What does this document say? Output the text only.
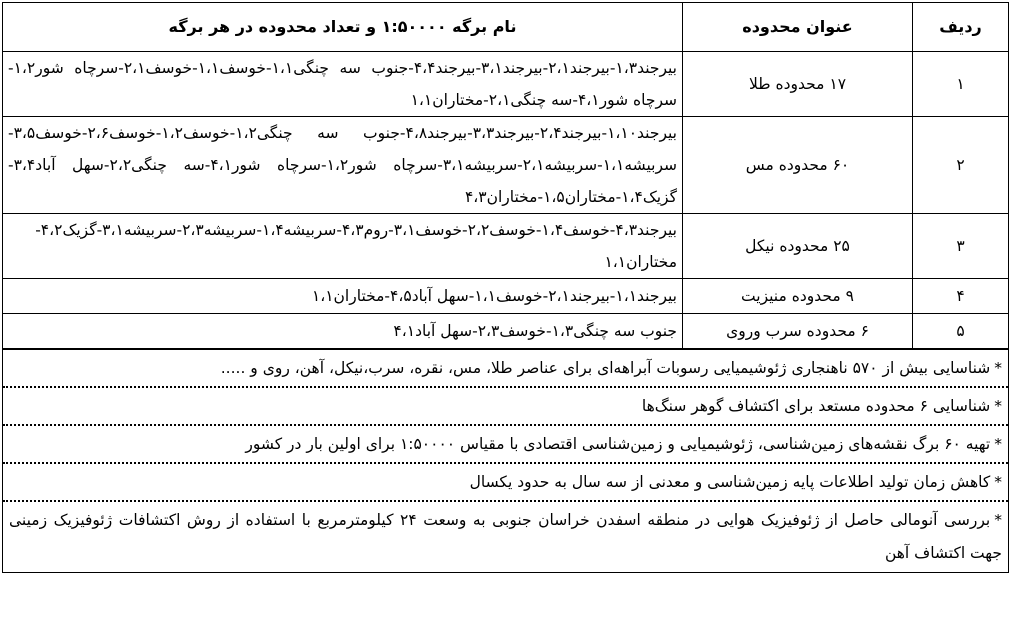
ردیف	عنوان محدوده	نام برگه ۱:۵۰۰۰۰ و تعداد محدوده در هر برگه
۱	۱۷ محدوده طلا	بیرجند۱،۳-بیرجند۲،۱-بیرجند۳،۱-بیرجند۴،۴-جنوب سه چنگی۱،۱-خوسف۱،۱-خوسف۲،۱-سرچاه شور۱،۲-سرچاه شور۴،۱-سه چنگی۲،۱-مختاران۱،۱
۲	۶۰ محدوده مس	بیرجند۱،۱۰-بیرجند۲،۴-بیرجند۳،۳-بیرجند۴،۸-جنوب سه چنگی۱،۲-خوسف۱،۲-خوسف۲،۶-خوسف۳،۵-سربیشه۱،۱-سربیشه۲،۱-سربیشه۳،۱-سرچاه شور۱،۲-سرچاه شور۴،۱-سه چنگی۲،۲-سهل آباد۳،۴-گزیک۱،۴-مختاران۱،۵-مختاران۴،۳
۳	۲۵ محدوده نیکل	بیرجند۴،۳-خوسف۱،۴-خوسف۲،۲-خوسف۳،۱-روم۴،۳-سربیشه۱،۴-سربیشه۲،۳-سربیشه۳،۱-گزیک۴،۲-مختاران۱،۱
۴	۹ محدوده منیزیت	بیرجند۱،۱-بیرجند۲،۱-خوسف۱،۱-سهل آباد۴،۵-مختاران۱،۱
۵	۶ محدوده سرب وروی	جنوب سه چنگی۱،۳-خوسف۲،۳-سهل آباد۴،۱
*شناسایی بیش از ۵۷۰ ناهنجاری ژئوشیمیایی رسوبات آبراهه‌ای برای عناصر طلا، مس، نقره، سرب،نیکل، آهن، روی و .....
*شناسایی ۶ محدوده مستعد برای اکتشاف گوهر سنگ‌ها
*تهیه ۶۰ برگ نقشه‌های زمین‌شناسی، ژئوشیمیایی و زمین‌شناسی اقتصادی با مقیاس ۱:۵۰۰۰۰ برای اولین بار در کشور
*کاهش زمان تولید اطلاعات پایه زمین‌شناسی و معدنی از سه سال به حدود یکسال
*بررسی آنومالی حاصل از ژئوفیزیک هوایی در منطقه اسفدن خراسان جنوبی به وسعت ۲۴ کیلومترمربع با استفاده از روش اکتشافات ژئوفیزیک زمینی جهت اکتشاف آهن
